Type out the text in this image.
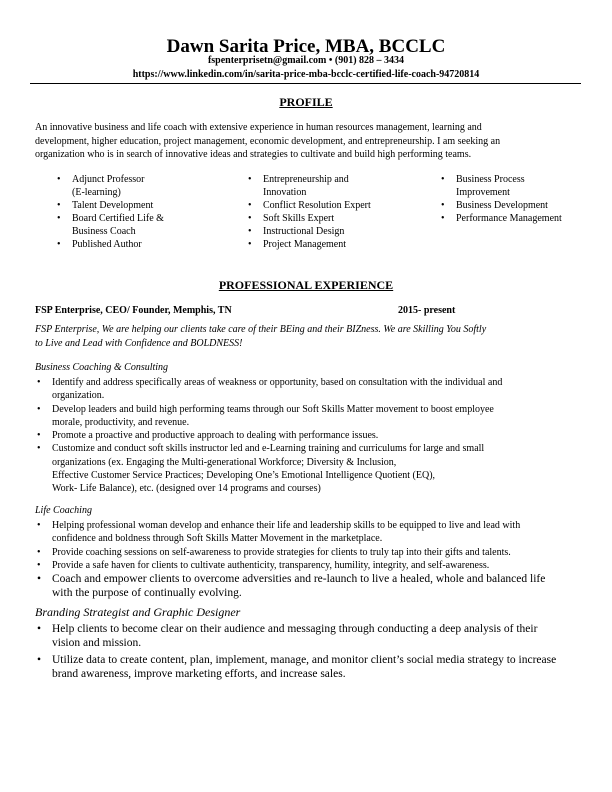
Dawn Sarita Price, MBA, BCCLC
fspenterprisetn@gmail.com • (901) 828 – 3434
https://www.linkedin.com/in/sarita-price-mba-bcclc-certified-life-coach-94720814
PROFILE
An innovative business and life coach with extensive experience in human resources management, learning and
development, higher education, project management, economic development, and entrepreneurship. I am seeking an
organization who is in search of innovative ideas and strategies to cultivate and build high performing teams.
• Adjunct Professor
(E-learning)
• Talent Development
• Board Certified Life &
Business Coach
• Published Author
• Entrepreneurship and
Innovation
• Conflict Resolution Expert
• Soft Skills Expert
• Instructional Design
• Project Management
• Business Process
Improvement
• Business Development
• Performance Management
PROFESSIONAL EXPERIENCE
FSP Enterprise, CEO/ Founder, Memphis, TN	2015- present
FSP Enterprise, We are helping our clients take care of their BEing and their BIZness. We are Skilling You Softly
to Live and Lead with Confidence and BOLDNESS!
Business Coaching & Consulting
• Identify and address specifically areas of weakness or opportunity, based on consultation with the individual and
organization.
• Develop leaders and build high performing teams through our Soft Skills Matter movement to boost employee
morale, productivity, and revenue.
• Promote a proactive and productive approach to dealing with performance issues.
• Customize and conduct soft skills instructor led and e-Learning training and curriculums for large and small
organizations (ex. Engaging the Multi-generational Workforce; Diversity & Inclusion,
Effective Customer Service Practices; Developing One’s Emotional Intelligence Quotient (EQ),
Work- Life Balance), etc. (designed over 14 programs and courses)
Life Coaching
• Helping professional woman develop and enhance their life and leadership skills to be equipped to live and lead with
confidence and boldness through Soft Skills Matter Movement in the marketplace.
• Provide coaching sessions on self-awareness to provide strategies for clients to truly tap into their gifts and talents.
• Provide a safe haven for clients to cultivate authenticity, transparency, humility, integrity, and self-awareness.
• Coach and empower clients to overcome adversities and re-launch to live a healed, whole and balanced life
with the purpose of continually evolving.
Branding Strategist and Graphic Designer
• Help clients to become clear on their audience and messaging through conducting a deep analysis of their
vision and mission.
• Utilize data to create content, plan, implement, manage, and monitor client’s social media strategy to increase
brand awareness, improve marketing efforts, and increase sales.
